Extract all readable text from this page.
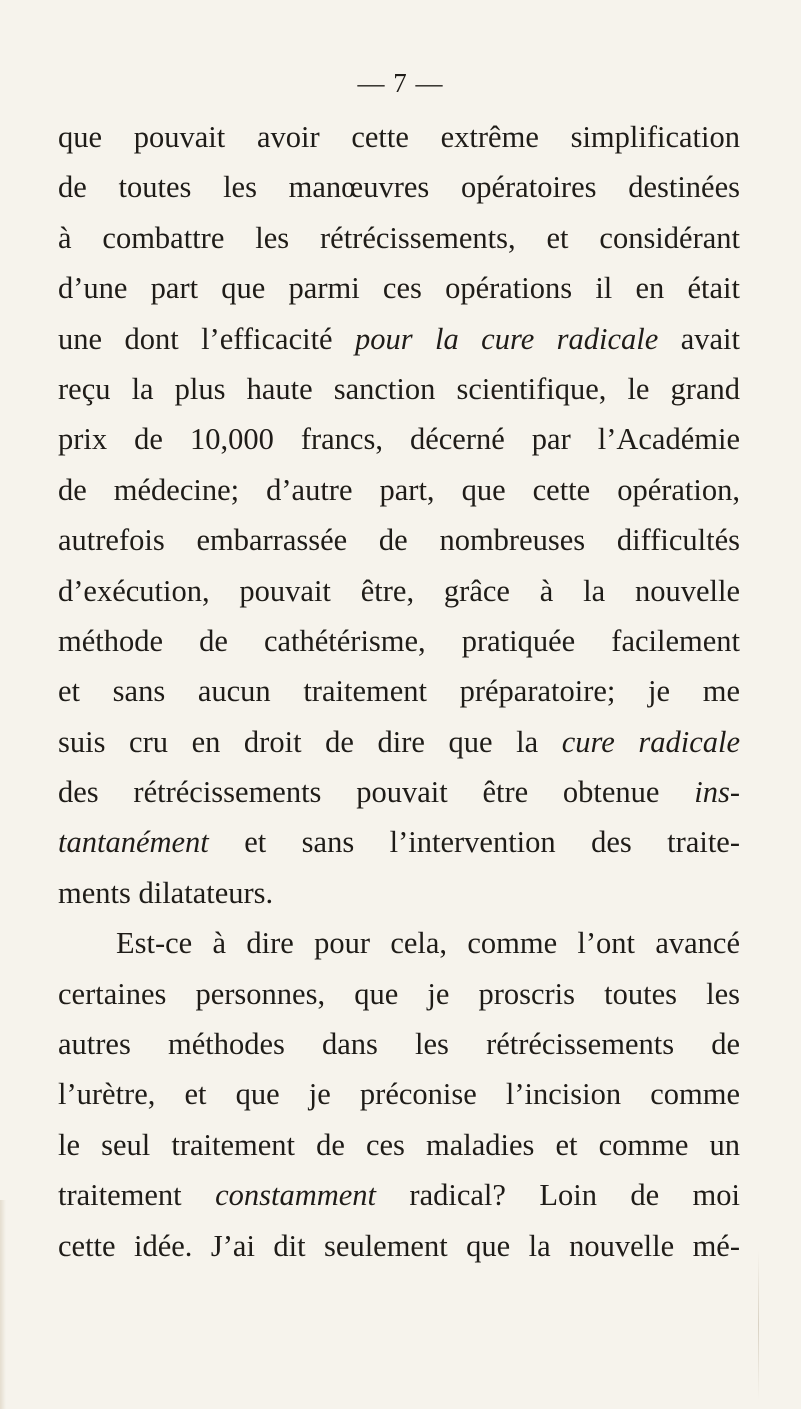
— 7 —
que pouvait avoir cette extrême simplification
de toutes les manœuvres opératoires destinées
à combattre les rétrécissements, et considérant
d’une part que parmi ces opérations il en était
une dont l’efficacité pour la cure radicale avait
reçu la plus haute sanction scientifique, le grand
prix de 10,000 francs, décerné par l’Académie
de médecine; d’autre part, que cette opération,
autrefois embarrassée de nombreuses difficultés
d’exécution, pouvait être, grâce à la nouvelle
méthode de cathétérisme, pratiquée facilement
et sans aucun traitement préparatoire; je me
suis cru en droit de dire que la cure radicale
des rétrécissements pouvait être obtenue ins-
tantanément et sans l’intervention des traite-
ments dilatateurs.
Est-ce à dire pour cela, comme l’ont avancé
certaines personnes, que je proscris toutes les
autres méthodes dans les rétrécissements de
l’urètre, et que je préconise l’incision comme
le seul traitement de ces maladies et comme un
traitement constamment radical? Loin de moi
cette idée. J’ai dit seulement que la nouvelle mé-
